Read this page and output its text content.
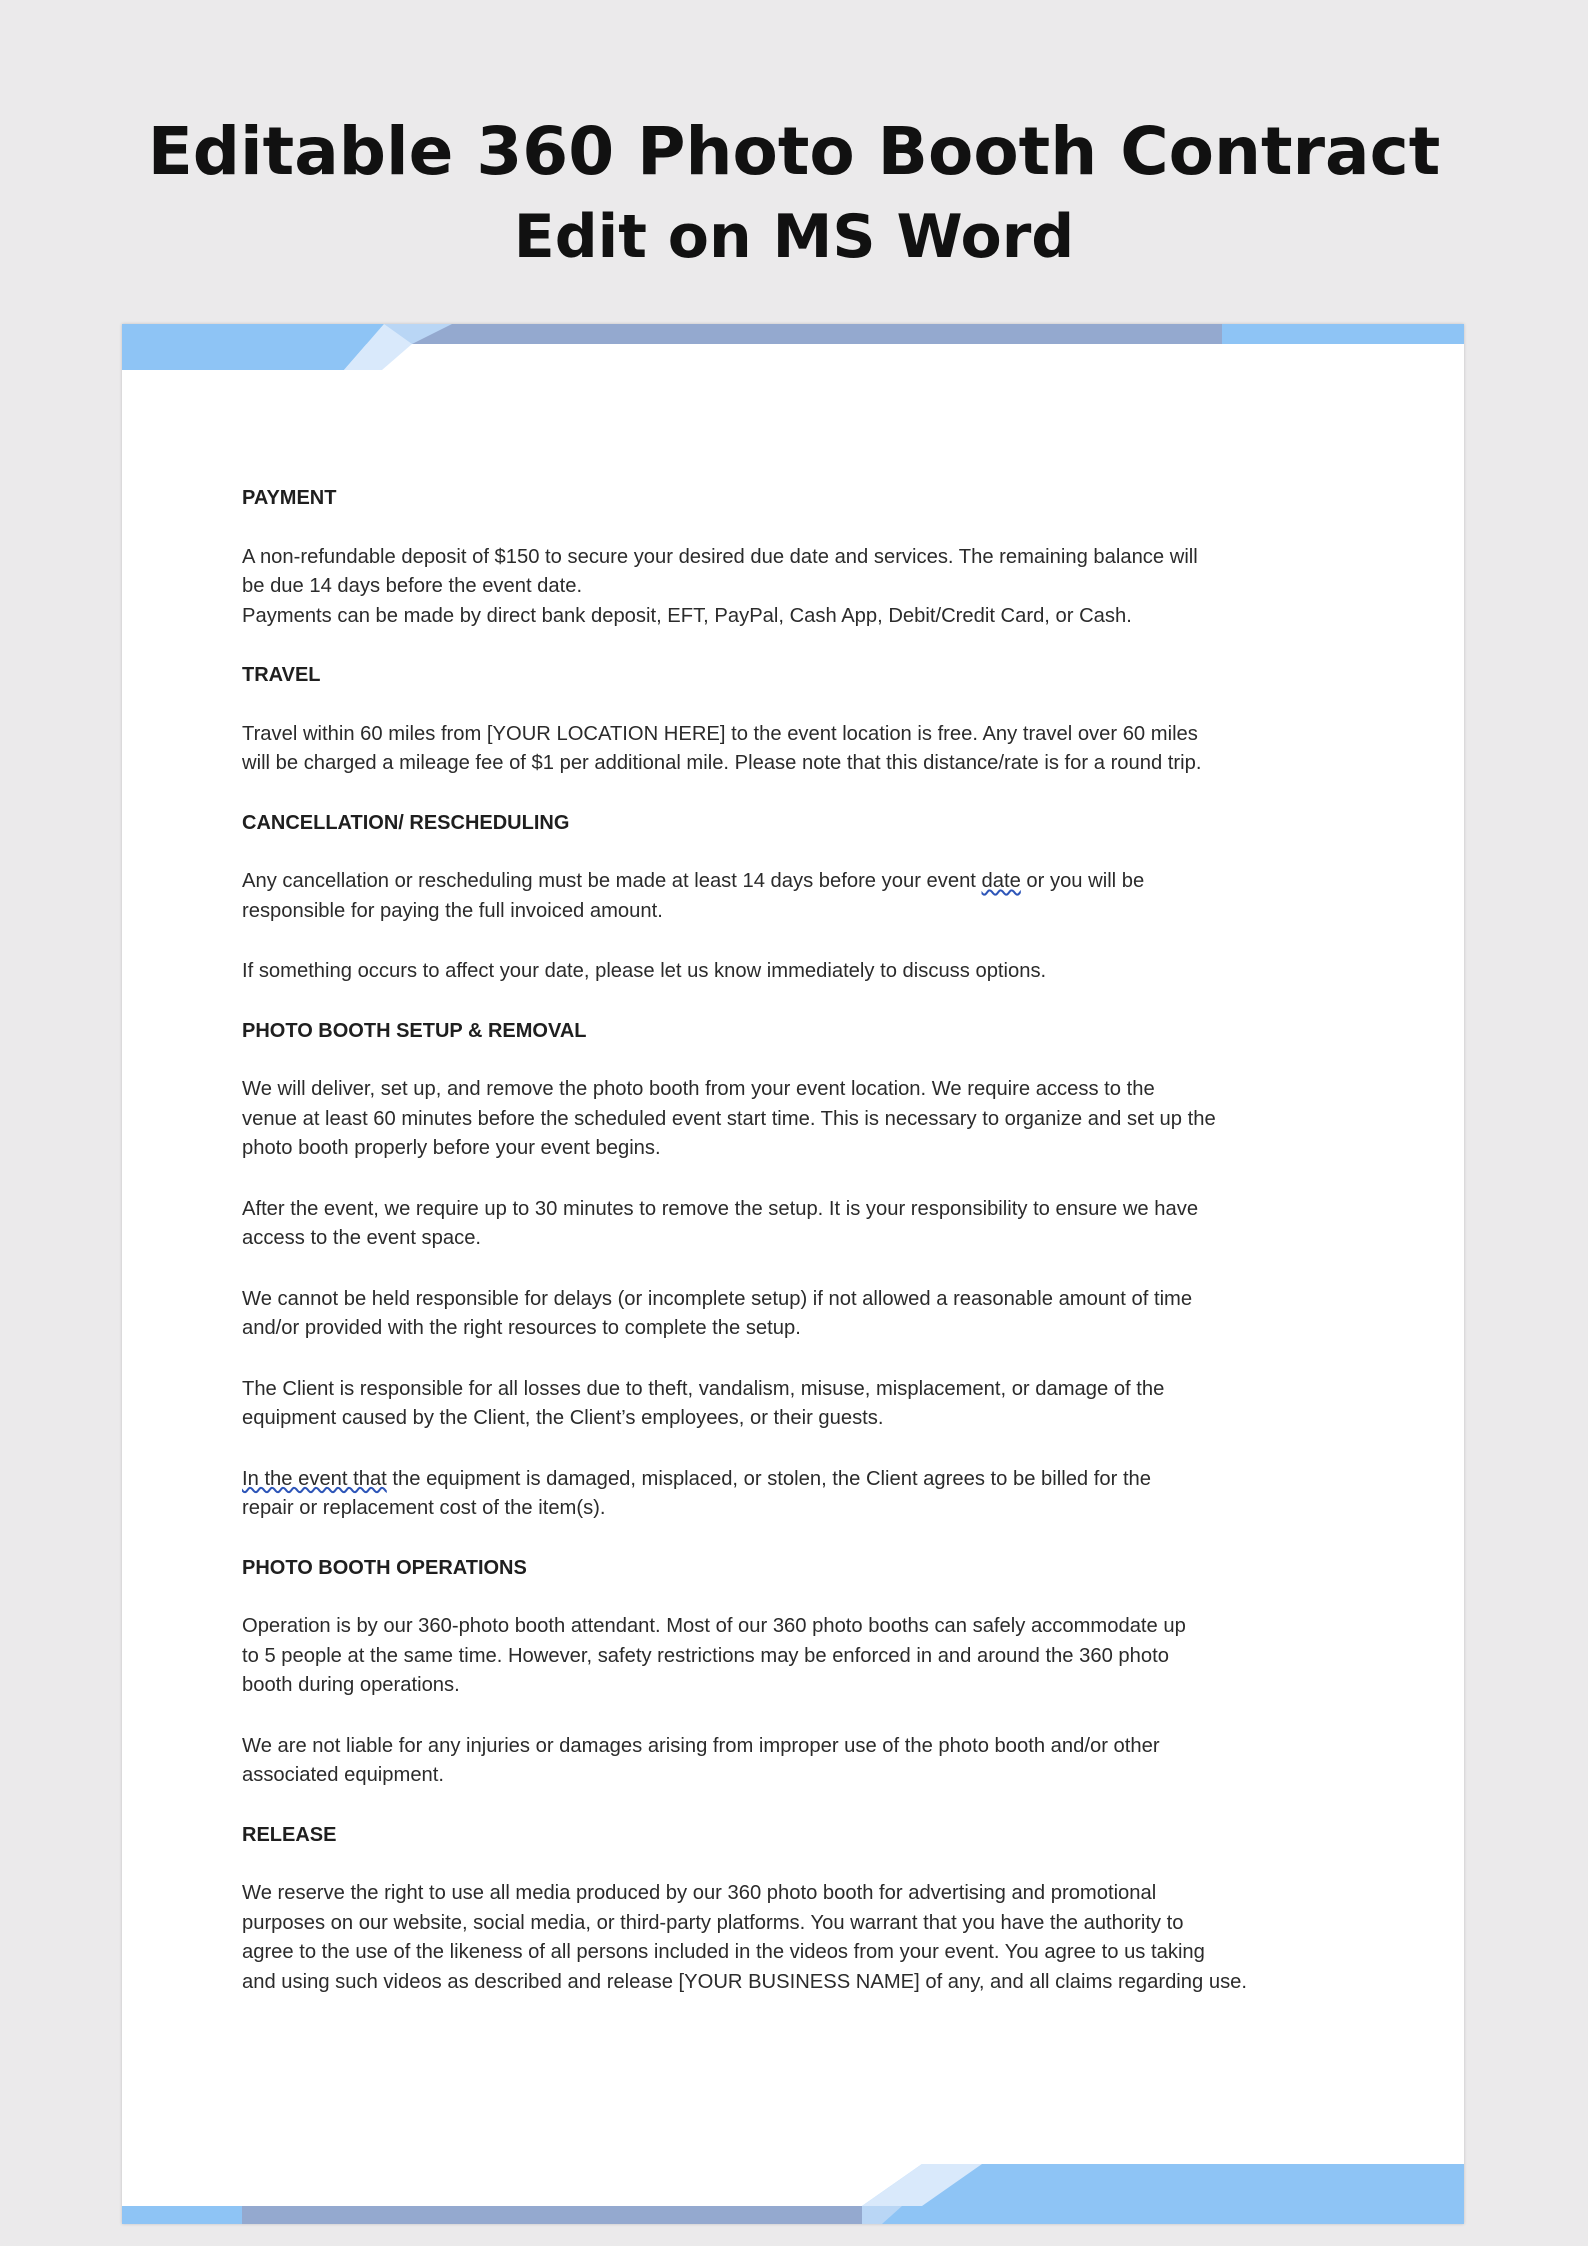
Editable 360 Photo Booth Contract
Edit on MS Word
PAYMENT
A non-refundable deposit of $150 to secure your desired due date and services. The remaining balance will
be due 14 days before the event date.
Payments can be made by direct bank deposit, EFT, PayPal, Cash App, Debit/Credit Card, or Cash.
TRAVEL
Travel within 60 miles from [YOUR LOCATION HERE] to the event location is free. Any travel over 60 miles
will be charged a mileage fee of $1 per additional mile. Please note that this distance/rate is for a round trip.
CANCELLATION/ RESCHEDULING
Any cancellation or rescheduling must be made at least 14 days before your event date or you will be
responsible for paying the full invoiced amount.
If something occurs to affect your date, please let us know immediately to discuss options.
PHOTO BOOTH SETUP & REMOVAL
We will deliver, set up, and remove the photo booth from your event location. We require access to the
venue at least 60 minutes before the scheduled event start time. This is necessary to organize and set up the
photo booth properly before your event begins.
After the event, we require up to 30 minutes to remove the setup. It is your responsibility to ensure we have
access to the event space.
We cannot be held responsible for delays (or incomplete setup) if not allowed a reasonable amount of time
and/or provided with the right resources to complete the setup.
The Client is responsible for all losses due to theft, vandalism, misuse, misplacement, or damage of the
equipment caused by the Client, the Client’s employees, or their guests.
In the event that the equipment is damaged, misplaced, or stolen, the Client agrees to be billed for the
repair or replacement cost of the item(s).
PHOTO BOOTH OPERATIONS
Operation is by our 360-photo booth attendant. Most of our 360 photo booths can safely accommodate up
to 5 people at the same time. However, safety restrictions may be enforced in and around the 360 photo
booth during operations.
We are not liable for any injuries or damages arising from improper use of the photo booth and/or other
associated equipment.
RELEASE
We reserve the right to use all media produced by our 360 photo booth for advertising and promotional
purposes on our website, social media, or third-party platforms. You warrant that you have the authority to
agree to the use of the likeness of all persons included in the videos from your event. You agree to us taking
and using such videos as described and release [YOUR BUSINESS NAME] of any, and all claims regarding use.
